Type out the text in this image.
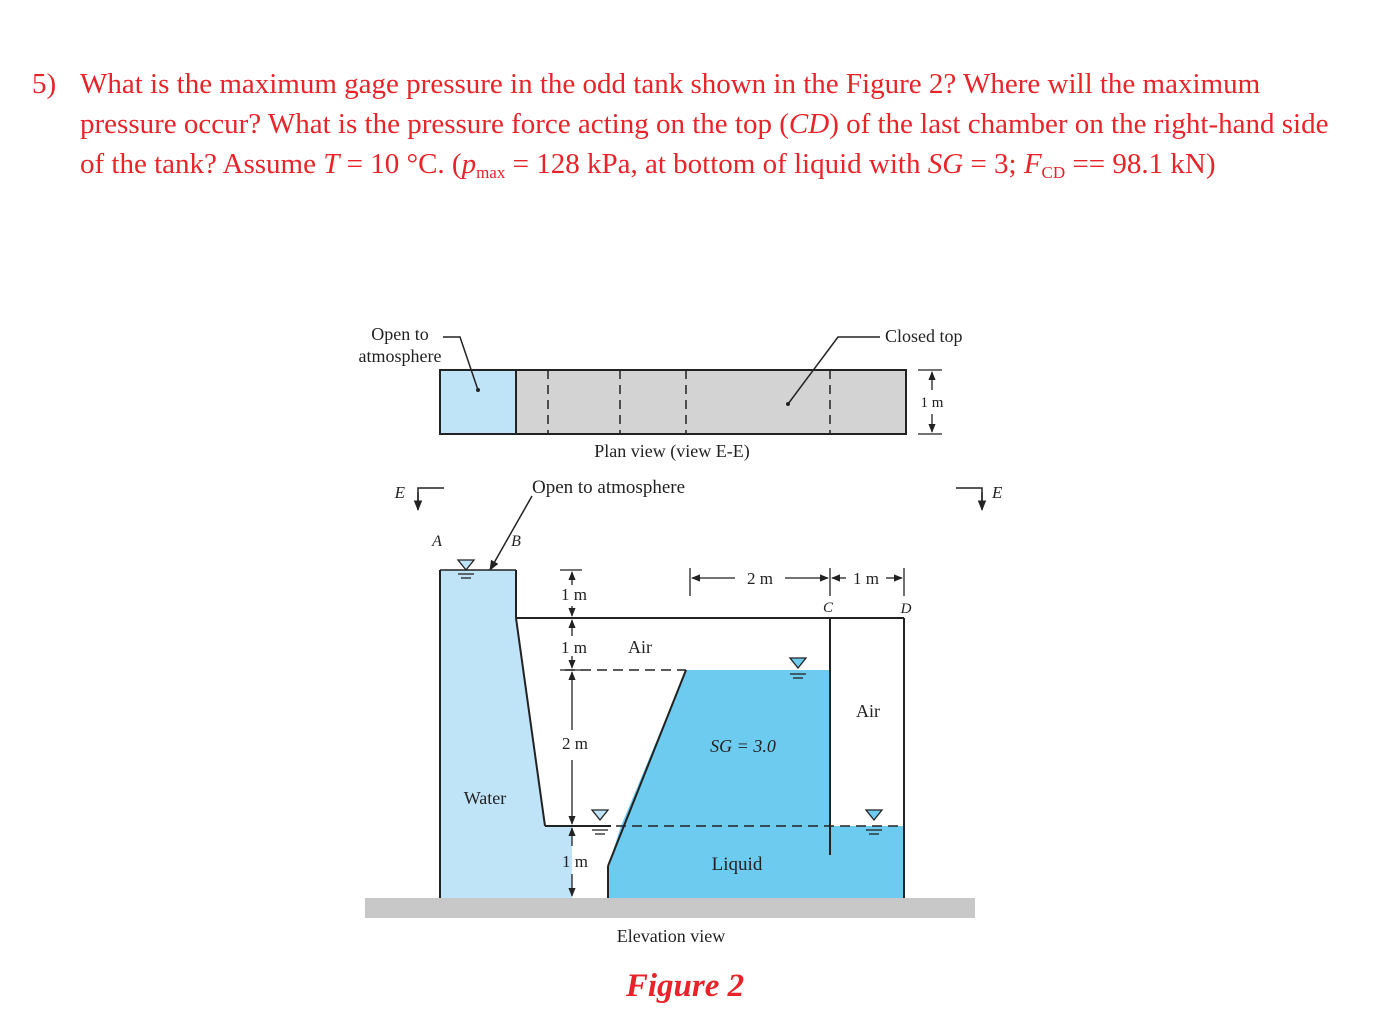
5) What is the maximum gage pressure in the odd tank shown in the Figure 2? Where will the maximum pressure occur? What is the pressure force acting on the top (CD) of the last chamber on the right-hand side of the tank? Assume T = 10 °C. ($p_{max} = 128$ kPa, at bottom of liquid with SG = 3; $F_{CD} == 98.1$ kN)
Open to
atmosphere
Closed top
1 m
Plan view (view E-E)
E	E
Open to atmosphere
A	B
1 m
1 m
2 m
1 m
2 m	1 m
C	D
Air
Air
Water
SG = 3.0
Liquid
Elevation view
Figure 2
